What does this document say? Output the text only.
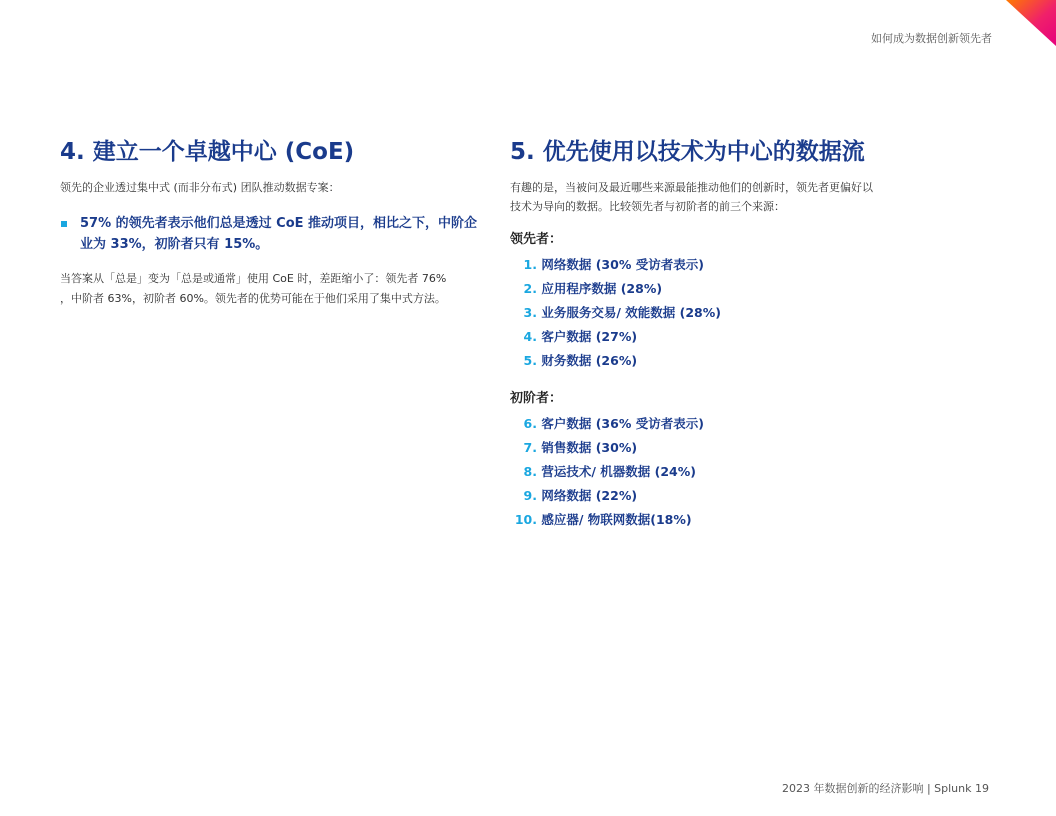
如何成为数据创新领先者
4. 建立一个卓越中心 (CoE)

领先的企业透过集中式 (而非分布式) 团队推动数据专案：

57% 的领先者表示他们总是透过 CoE 推动项目，相比之下，中阶企业为 33%，初阶者只有 15%。

当答案从「总是」变为「总是或通常」使用 CoE 时，差距缩小了：领先者 76%
，中阶者 63%，初阶者 60%。领先者的优势可能在于他们采用了集中式方法。

5. 优先使用以技术为中心的数据流

有趣的是，当被问及最近哪些来源最能推动他们的创新时，领先者更偏好以
技术为导向的数据。比较领先者与初阶者的前三个来源：

领先者：
1. 网络数据 (30% 受访者表示)
2. 应用程序数据 (28%)
3. 业务服务交易/ 效能数据 (28%)
4. 客户数据 (27%)
5. 财务数据 (26%)
初阶者：
6. 客户数据 (36% 受访者表示)
7. 销售数据 (30%)
8. 营运技术/ 机器数据 (24%)
9. 网络数据 (22%)
10. 感应器/ 物联网数据(18%)
2023 年数据创新的经济影响 | Splunk 19
